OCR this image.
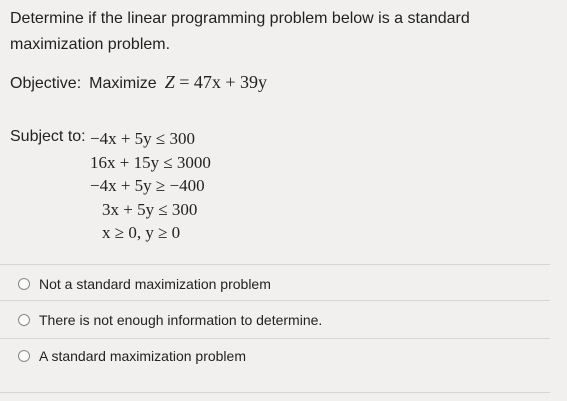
Determine if the linear programming problem below is a standard maximization problem.
Objective: Maximize Z = 47x + 39y
Subject to: −4x + 5y ≤ 300
16x + 15y ≤ 3000
−4x + 5y ≥ −400
3x + 5y ≤ 300
x ≥ 0, y ≥ 0
Not a standard maximization problem
There is not enough information to determine.
A standard maximization problem
